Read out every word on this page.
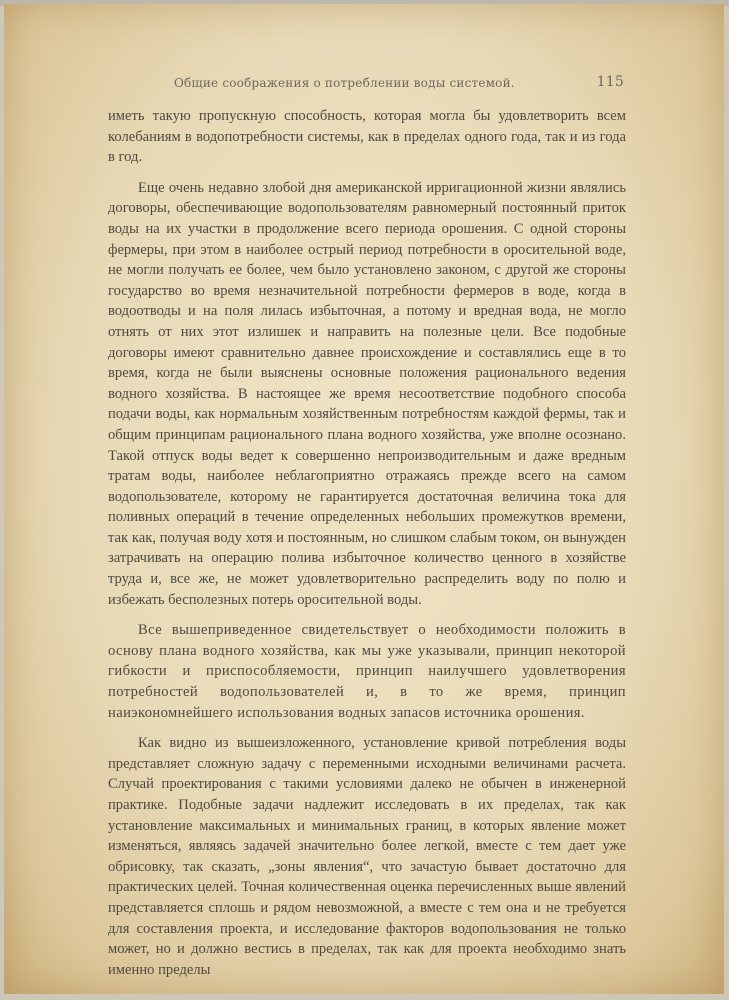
Общие соображения о потреблении воды системой.	115

иметь такую пропускную способность, которая могла бы удовлетворить всем колебаниям в водопотребности системы, как в пределах одного года, так и из года в год.

Еще очень недавно злобой дня американской ирригационной жизни являлись договоры, обеспечивающие водопользователям равномерный постоянный приток воды на их участки в продолжение всего периода орошения. С одной стороны фермеры, при этом в наиболее острый период потребности в оросительной воде, не могли получать ее более, чем было установлено законом, с другой же стороны государство во время незначительной потребности фермеров в воде, когда в водоотводы и на поля лилась избыточная, а потому и вредная вода, не могло отнять от них этот излишек и направить на полезные цели. Все подобные договоры имеют сравнительно давнее происхождение и составлялись еще в то время, когда не были выяснены основные положения рационального ведения водного хозяйства. В настоящее же время несоответствие подобного способа подачи воды, как нормальным хозяйственным потребностям каждой фермы, так и общим принципам рационального плана водного хозяйства, уже вполне осознано. Такой отпуск воды ведет к совершенно непроизводительным и даже вредным тратам воды, наиболее неблагоприятно отражаясь прежде всего на самом водопользователе, которому не гарантируется достаточная величина тока для поливных операций в течение определенных небольших промежутков времени, так как, получая воду хотя и постоянным, но слишком слабым током, он вынужден затрачивать на операцию полива избыточное количество ценного в хозяйстве труда и, все же, не может удовлетворительно распределить воду по полю и избежать бесполезных потерь оросительной воды.

Все вышеприведенное свидетельствует о необходимости положить в основу плана водного хозяйства, как мы уже указывали, принцип некоторой гибкости и приспособляемости, принцип наилучшего удовлетворения потребностей водопользователей и, в то же время, принцип наиэкономнейшего использования водных запасов источника орошения.

Как видно из вышеизложенного, установление кривой потребления воды представляет сложную задачу с переменными исходными величинами расчета. Случай проектирования с такими условиями далеко не обычен в инженерной практике. Подобные задачи надлежит исследовать в их пределах, так как установление максимальных и минимальных границ, в которых явление может изменяться, являясь задачей значительно более легкой, вместе с тем дает уже обрисовку, так сказать, „зоны явления“, что зачастую бывает достаточно для практических целей. Точная количественная оценка перечисленных выше явлений представляется сплошь и рядом невозможной, а вместе с тем она и не требуется для составления проекта, и исследование факторов водопользования не только может, но и должно вестись в пределах, так как для проекта необходимо знать именно пределы
